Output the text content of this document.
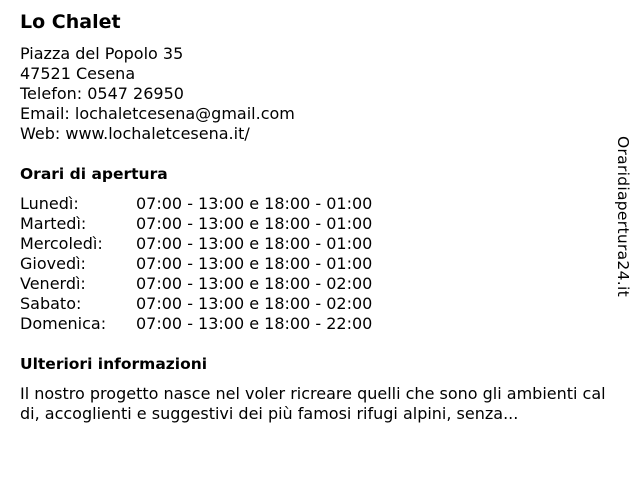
Lo Chalet
Piazza del Popolo 35
47521 Cesena
Telefon: 0547 26950
Email: lochaletcesena@gmail.com
Web: www.lochaletcesena.it/
Orari di apertura
Lunedì:	07:00 - 13:00 e 18:00 - 01:00
Martedì:	07:00 - 13:00 e 18:00 - 01:00
Mercoledì: 07:00 - 13:00 e 18:00 - 01:00
Giovedì:	07:00 - 13:00 e 18:00 - 01:00
Venerdì:	07:00 - 13:00 e 18:00 - 02:00
Sabato:	07:00 - 13:00 e 18:00 - 02:00
Domenica: 07:00 - 13:00 e 18:00 - 22:00
Ulteriori informazioni
Il nostro progetto nasce nel voler ricreare quelli che sono gli ambienti caldi, accoglienti e suggestivi dei più famosi rifugi alpini, senza...
Oraridiapertura24.it
